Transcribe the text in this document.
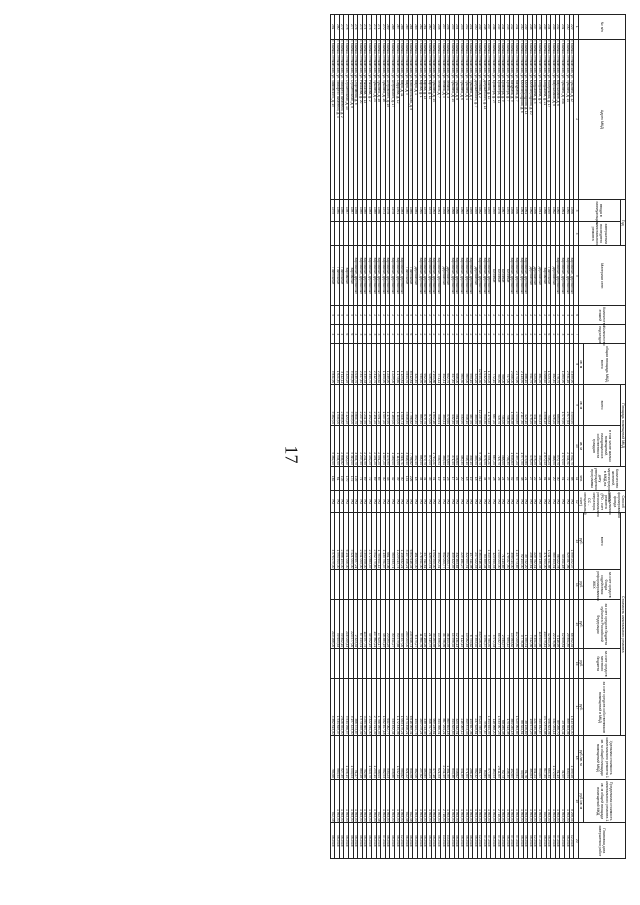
17
№ п/п	Адрес МКД	Год		Материал стен	Количество этажей	Количество подъездов	общая площадь МКД, всего	Площадь помещений МКД		Количество жителей, зарегистрированных в МКД на дату утверждения программы	Способ формирования фонда капитального ремонта (РО - счет регионального оператора, СС - специальный счет)	Стоимость капитального ремонта					Удельная стоимость капитального ремонта 1 кв. м общей площади помещений МКД	Предельная стоимость капитального ремонта 1 кв. м общей площади помещений МКД	Плановая дата завершения работ
		ввода в эксплуатацию	завершения последнего капитального ремонта					всего	в том числе жилых помещений, находящихся в собственности граждан			всего	за счет средств Фонда содействия реформированию ЖКХ	за счет средств бюджета субъекта Российской Федерации	за счет средств местного бюджета	за счет средств собственников помещений в МКД			
							кв. м	кв. м	кв. м	чел.		руб.	руб.	руб.	руб.	руб.	руб./кв. м	руб./кв. м	
1	2	3	4	5	6	7	8	9	10	11	12	13	14	15	16	17	18	19	20
229	г. Камыш-Пенжинская, ул. Пушкина, д. 12	1956		Кирпичные, деревянные	4	4	3 399,90	3 053,90	2 902,70	88	РО	1 999 252,07		68 902,34		1 813 320,00	1 399,48	8 298,04	12.2016
230	г. Камыш-Пенжинская, ул. Пушкина, д. 14	1960		Кирпичные, деревянные	4	4	2 931,16	2 677,63	2 444,51	72	РО	929 587,96		29 851,85		899 353,06	833,54	1 563,00	08.2016
231	г. Камыш-Пенжинская, ул. Пушкина, д. 30а	1961		Кирпичные, деревянные	4	3	1 260,90	1 079,90	1 079,00	51	РО	40 201,18		12 658,81		25 825,11	31,05	1 563,00	08.2016
232	г. Камыш-Пенжинская, ул. Мирошников, д. 6	1965		Кирпичные, деревянные	2	2	778,70	683,80	570,70	30	РО	96 022,78		4 116,99		89 096,70	91,13	1 563,00	07.2016
233	г. Камыш-Пенжинская, ул. Мирошников, д. 8	1962		Деревянные	2	2	482,40	426,20	368,50	20	РО	565 403,51		22 276,86		531 054,14	1 172,01	1 563,00	07.2016
234	г. Камыш-Пенжинская, ул. Набережная, д. 17	1959		Панельные	5	6	1 523,70	700,83	538,24	34	РО	1 011 931,88		42 800,90		956 823,56	664,31	1 563,00	08.2016
235	г. Камыш-Пенжинская, ул. Бабушкина, д. 21	1966		Кирпичные	2	2	4 068,65	3 996,19	2 870,43	81	РО	371 900,00		143 579,44		3 072 870,88	817,40	920,53	08.2016
236	г. Камыш-Пенжинская, ул. Бабушкина, д. 9	1941		Деревянные	2	1	481,50	413,43	345,28	24	РО	459 138,33		118 655,66		340 482,67	953,60	1 563,00	07.2016
237	г. Камыш-Пенжинская, ул. Бабушкина, д. 3	1956		Деревянные	2	2	520,80	441,30	378,20	22	РО	229 782,41		8 451,55		221 330,86	441,21	1 563,00	12.2016
238	г. Камыш-Пенжинская, ул. Калининградская, д. 10	1962		Деревянные	2	2	541,70	478,20	478,20	27	РО	206 185,61		7 512,36		198 673,25	380,63	1 563,00	08.2016
239	г. Камыш-Пенжинская, ул. Калининградская, д. 14	1961		Кирпичные, деревянные	2	2	486,10	425,10	375,80	21	РО	39 742,20		1 585,51		38 156,69	81,76	1 563,00	08.2016
240	г. Камыш-Пенжинская, ул. Калининградская, д. 6	1961		Кирпичные, деревянные	2	3	2 113,50	2 117,30	1 977,50	48	РО	92 100,00		3 778,39		88 321,61	43,58	1 563,00	08.2016
241	г. Камыш-Пенжинская, ул. Мичурина, д. 7	1956		Кирпичные, деревянные	3	3	2 474,90	2 053,89	1 397,24	63	РО	1 137 973,65		112 009,80		1 025 963,85	459,81	1 563,00	07.2016
242	г. Камыш-Пенжинская, ул. Мичурина, д. 9	1956		Кирпичные, деревянные	3	3	2 066,00	1 998,38	1 633,63	52	РО	398 014,00		13 983,82		384 030,18	192,65	1 563,00	07.2016
243	г. Камыш-Пенжинская, ул. Бройлера, д. 7	1954		Блочные	2	2	747,00	706,30	706,30	25	РО	178 007,50		7 694,12		170 313,38	238,30	1 563,00	08.2016
244	г. Камыш-Пенжинская, ул. Бройлера, д. 9	1967		Блочные	2	2	768,00	734,00	568,00	24	РО	71 214,65		2 934,57		68 280,08	92,73	1 563,00	08.2016
245	г. Камыш-Пенжинская, ул. Бройлера, д. 11	1976		Блочные	2	2	765,80	718,70	718,70	26	РО	2 000 000,00		66 032,77		1 933 967,23	2 611,65	2 718,00	07.2016
246	г. Камыш-Пенжинская, ул. Бройлера, д. 27	1959		Блочные	2	2	772,10	667,20	667,20	28	РО	123 940,53		4 972,33		118 968,20	160,53	1 563,00	08.2016
247	г. Камыш-Пенжинская, ул. Южная, д. 12	1959		Кирпичные, деревянные	2	2	1 340,05	1 173,45	1 054,21	37	РО	1 310 425,45		5 780,50		1 304 644,95	977,89	1 563,00	07.2016
248	г. Камыш-Пенжинская, ул. Дзержинского, д. 14	1959		Кирпичные, деревянные	2	2	1 032,20	943,30	876,50	34	РО	83 399,04		3 591,37		79 807,67	80,80	1 563,00	07.2016
249	г. Камыш-Пенжинская, ул. Попова, д. 2	1982		Кирпичные, деревянные	2	2	12 640,30	12 237,60	9 738,70	312	РО	8 364 816,31		340 026,34		8 024 789,97	661,77	1 563,00	12.2016
250	г. Камыш-Пенжинская, ул. Дзержинского, д. 7	1959		Деревянные	2	2	424,20	383,50	383,50	18	РО	247 022,53		9 393,92		237 628,61	582,32	1 563,00	08.2016
251	г. Камыш-Пенжинская, ул. Пушкина, д. 2	1959		Кирпичные, деревянные	2	2	550,10	467,50	349,10	19	РО	157 411,98		6 754,62		150 657,36	286,15	1 563,00	08.2016
252	г. Камыш-Пенжинская, ул. Пушкина, д. 4	1963		Кирпичные, деревянные	2	2	565,00	548,10	548,10	18	РО	322 955,51		13 082,48		309 873,03	571,60	1 563,00	08.2016
253	г. Камыш-Пенжинская, ул. Пушкина, д. 6	1965		Кирпичные, деревянные	2	2	560,30	530,90	460,30	20	РО	225 181,27		9 112,15		216 069,12	401,89	1 563,00	08.2016
254	г. Камыш-Пенжинская, ул. Пушкина, д. 8	1966		Кирпичные, деревянные	2	2	606,00	561,60	436,60	21	РО	332 463,64		12 131,13		320 332,51	548,62	1 563,00	08.2016
255	г. Камыш-Пенжинская, ул. Пушкина, д. 10	1968		Кирпичные, деревянные	2	2	447,40	432,40	371,40	17	РО	359 422,55		14 596,92		344 825,63	803,36	1 563,00	08.2016
256	г. Камыш-Пенжинская, ул. Ленина, д. 3	1969		Деревянные	2	2	652,70	573,60	573,60	23	РО	902 000,77		36 400,59		865 600,18	1 381,95	1 563,00	10.2016
257	г. Камыш-Пенжинская, ул. Ленина, д. 5	1958		Деревянные	2	2	402,41	383,41	383,41	16	РО	902 000,77		34 796,56		867 204,21	2 241,49	2 718,00	10.2016
258	г. Камыш-Пенжинская, ул. Ленина, д. 7	1961		Кирпичные, деревянные	2	2	571,11	546,91	546,91	19	РО	354 962,51		10 396,00		344 566,51	621,53	1 563,00	08.2016
259	г. Камыш-Пенжинская, ул. Пушкина, д. 14	1963		Кирпичные, деревянные	2	2	2 100,86	1 852,16	1 710,21	51	РО	1 002 500,00		33 264,39		969 235,61	477,18	1 563,00	08.2016
260	г. Камыш-Пенжинская, ул. Кирова, д. 12	1979		Кирпичные, деревянные	2	2	926,00	870,00	870,00	35	РО	328 023,51		21 315,75		306 707,76	354,24	1 563,00	08.2016
261	г. Камыш-Пенжинская, ул. Кирова, д. 14	1979		Кирпичные, деревянные	2	2	952,30	879,70	879,70	31	РО	457 911,61		19 168,26		438 743,35	480,85	1 563,00	08.2016
262	г. Камыш-Пенжинская, ул. Кирова, д. 1	1960		Кирпичные, деревянные	2	2	930,50	880,40	880,40	34	РО	276 941,00		11 861,76		265 079,24	297,62	1 563,00	08.2016
263	г. Камыш-Пенжинская, ул. Мира, д. 1	1984		Деревянные	2	1	421,40	392,40	392,40	18	РО	161 000,00		6 475,27		154 524,73	382,06	1 563,00	08.2016
264	г. Камыш-Пенжинская, ул. Комсомольская, д. 8	1980		Панельные	5	6	8 512,81	7 796,82	7 796,82	226	РО	6 852 616,04		235 646,73		6 616 969,31	804,98	922,48	08.2016
265	г. Камыш-Пенжинская, ул. Мира, д. 5	1985		Панельные	5	5	3 844,70	3 848,40	3 848,40	141	РО	3 157 406,21		283 000,00		2 874 406,21	821,22	922,48	06.2016
266	г. Камыш-Пенжинская, ул. Мира, д. 11	1983		Кирпичные, деревянные	2	2	1 124,81	1 016,71	1 016,71	40	РО	1 106 632,21		43 457,00		1 063 175,21	983,82	1 563,00	12.2016
267	г. Камыш-Пенжинская, ул. Сидорова, д. 12	1991		Кирпичные, деревянные	2	2	1 173,60	1 113,00	1 113,00	39	РО	1 223 013,74		50 579,68		1 172 434,06	1 042,11	1 563,00	08.2016
268	г. Камыш-Пенжинская, ул. Островского, д. 17	1978		Кирпичные, деревянные	2	2	1 229,00	1 169,00	1 169,00	42	РО	563 933,71		30 441,27		533 492,44	458,86	1 563,00	08.2016
269	г. Камыш-Пенжинская, ул. Островского, д. 19	1978		Кирпичные, деревянные	2	2	1 239,90	1 175,90	1 175,90	43	РО	661 153,06		20 090,29		641 062,77	533,23	1 563,00	08.2016
270	г. Камыш-Пенжинская, ул. Пушкина, д. 16	1973		Кирпичные, деревянные	2	2	1 150,90	1 057,20	1 057,20	40	РО	1 130 791,37		48 384,19		1 082 407,18	982,53	1 563,00	07.2016
271	г. Камыш-Пенжинская, ул. Пушкина, д. 18	1986		Кирпичные, деревянные	2	3	2 264,62	2 091,20	2 091,20	65	РО	1 784 601,12		17 620,17		1 766 980,95	788,04	922,48	08.2016
272	г. Камыш-Пенжинская, ул. Пушкина, д. 20	1989		Кирпичные, деревянные	2	3	2 312,70	2 191,20	2 191,20	69	РО	2 902 775,60		107 862,21		2 794 913,39	1 255,14	1 563,00	08.2016
273	г. Камыш-Пенжинская, ул. Рыбакова, д. 2	1983		Кирпичные, деревянные	2	3	2 340,70	2 192,20	2 192,20	72	РО	2 372 883,45		49 952,15		2 322 931,30	1 013,75	1 563,00	08.2016
274	г. Камыш-Пенжинская, ул. Рыбакова, д. 14	1985		Кирпичные, деревянные	2	3	4 335,33	2 241,50	2 241,50	69	РО	3 393 958,00		113 597,75		3 280 360,25	782,86	1 563,00	08.2016
275	г. Камыш-Пенжинская, ул. Рыбакова, д. 20	1985		Кирпичные, деревянные	2	3	2 347,40	2 247,40	2 247,40	71	РО	2 041 000,00		67 440,51		1 973 559,49	869,48	1 563,00	08.2016
276	г. Камыш-Пенжинская, ул. Спортивная, д. 6	1988		Кирпичные, деревянные	2	4	4 039,70	3 804,70	3 804,70	109	РО	368 697,21		2 323,34		366 373,87	91,27	1 563,00	08.2016
277	г. Камыш-Пенжинская, ул. Строительная, д. 8	1987		Кирпичные	5	6	5 401,89	5 310,00	5 310,00	172	РО	5 421 000,00		223 577,00		5 197 423,00	1 003,53	1 563,00	08.2016
278	г. Камыш-Пенжинская, ул. Строительная, д. 10	1987		Кирпичные	5	6	5 320,25	5 120,25	5 120,25	170	РО	6 151 006,00		216 009,43		5 934 996,57	1 156,14	1 563,00	08.2016
279	г. Камыш-Пенжинская, ул. Тимофея Пилипенко, д. 2	1980		Панельные	5	4	3 112,11	2 846,82	2 846,82	105	РО	2 886 154,00		59 802,10		2 826 351,90	927,39	1 563,00	08.2016
280	г. Камыш-Пенжинская, ул. Тимофея Пилипенко, д. 4	1980		Панельные	5	4	1 621,40	1 534,00	1 534,00	61	РО	1 594 500,00		59 650,63		1 534 849,37	983,41	1 563,00	08.2016
281	г. Камыш-Пенжинская, ул. Чайковского, д. 15	1979		Панельные	5	4	5 831,90	5 362,00	5 362,00	162	РО	4 576 079,00		213 266,00		4 362 813,00	784,66	922,48	08.2016
